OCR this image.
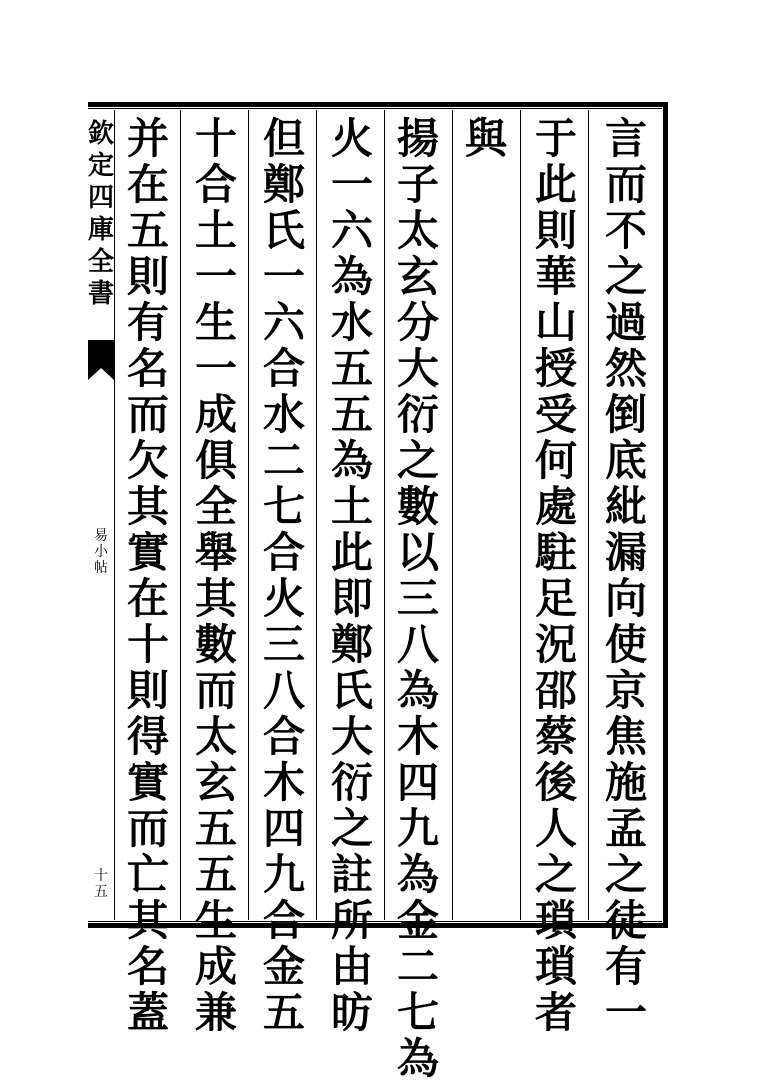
欽
定
四
庫
全
書
易
小
帖
十
五
言
而
不
之
過
然
倒
底
紕
漏
向
使
京
焦
施
孟
之
徒
有
一
于
此
則
華
山
授
受
何
處
駐
足
況
邵
蔡
後
人
之
瑣
瑣
者
與
揚
子
太
玄
分
大
衍
之
數
以
三
八
為
木
四
九
為
金
二
七
為
火
一
六
為
水
五
五
為
土
此
即
鄭
氏
大
衍
之
註
所
由
昉
但
鄭
氏
一
六
合
水
二
七
合
火
三
八
合
木
四
九
合
金
五
十
合
土
一
生
一
成
俱
全
舉
其
數
而
太
玄
五
五
生
成
兼
并
在
五
則
有
名
而
欠
其
實
在
十
則
得
實
而
亡
其
名
蓋
